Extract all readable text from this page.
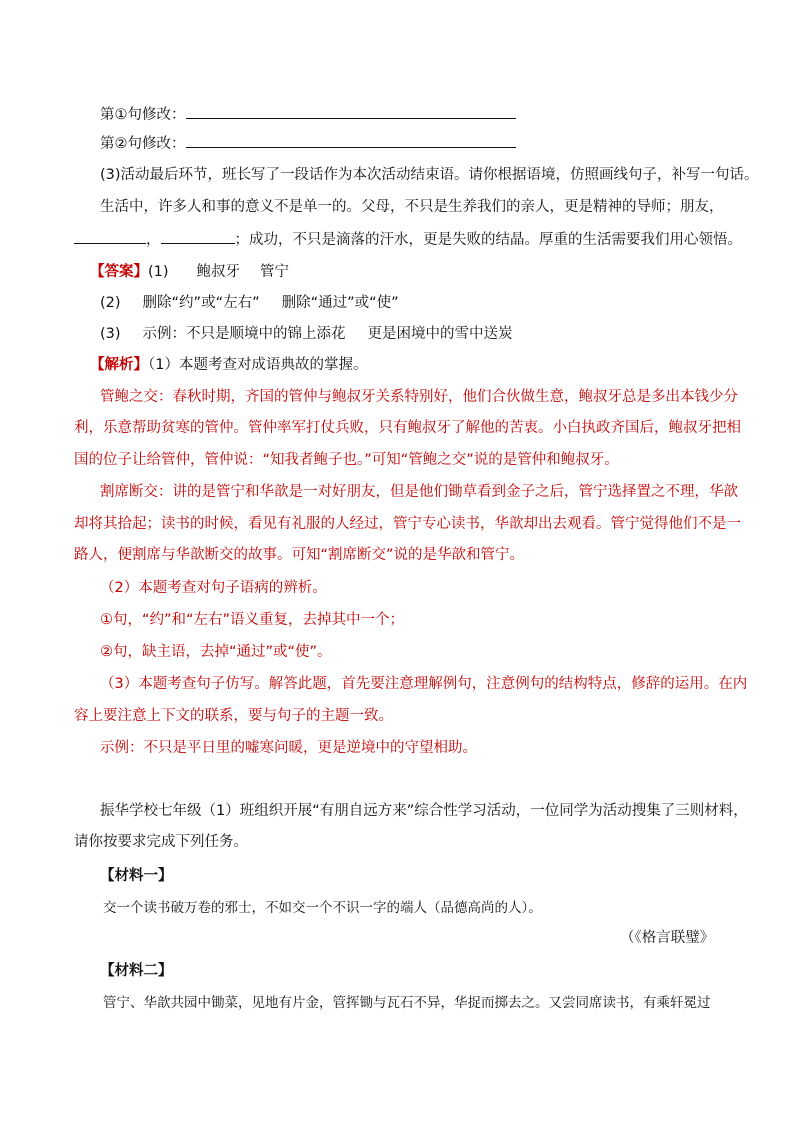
第①句修改：
第②句修改：
(3)活动最后环节，班长写了一段话作为本次活动结束语。请你根据语境，仿照画线句子，补写一句话。
生活中，许多人和事的意义不是单一的。父母，不只是生养我们的亲人，更是精神的导师；朋友，
，	；成功，不只是滴落的汗水，更是失败的结晶。厚重的生活需要我们用心领悟。
【答案】(1) 鲍叔牙 管宁
(2) 删除“约”或“左右” 删除“通过”或“使”
(3) 示例：不只是顺境中的锦上添花 更是困境中的雪中送炭
【解析】（1）本题考查对成语典故的掌握。
管鲍之交：春秋时期，齐国的管仲与鲍叔牙关系特别好，他们合伙做生意，鲍叔牙总是多出本钱少分
利，乐意帮助贫寒的管仲。管仲率军打仗兵败，只有鲍叔牙了解他的苦衷。小白执政齐国后，鲍叔牙把相
国的位子让给管仲，管仲说：“知我者鲍子也。”可知“管鲍之交”说的是管仲和鲍叔牙。
割席断交：讲的是管宁和华歆是一对好朋友，但是他们锄草看到金子之后，管宁选择置之不理，华歆
却将其拾起；读书的时候，看见有礼服的人经过，管宁专心读书，华歆却出去观看。管宁觉得他们不是一
路人，便割席与华歆断交的故事。可知“割席断交”说的是华歆和管宁。
（2）本题考查对句子语病的辨析。
①句，“约”和“左右”语义重复，去掉其中一个；
②句，缺主语，去掉“通过”或“使”。
（3）本题考查句子仿写。解答此题，首先要注意理解例句，注意例句的结构特点，修辞的运用。在内
容上要注意上下文的联系，要与句子的主题一致。
示例：不只是平日里的嘘寒问暖，更是逆境中的守望相助。
振华学校七年级（1）班组织开展“有朋自远方来”综合性学习活动，一位同学为活动搜集了三则材料，
请你按要求完成下列任务。
【材料一】
交一个读书破万卷的邪士，不如交一个不识一字的端人（品德高尚的人）。
（《格言联璧》
【材料二】
管宁、华歆共园中锄菜，见地有片金，管挥锄与瓦石不异，华捉而掷去之。又尝同席读书，有乘轩冕过
